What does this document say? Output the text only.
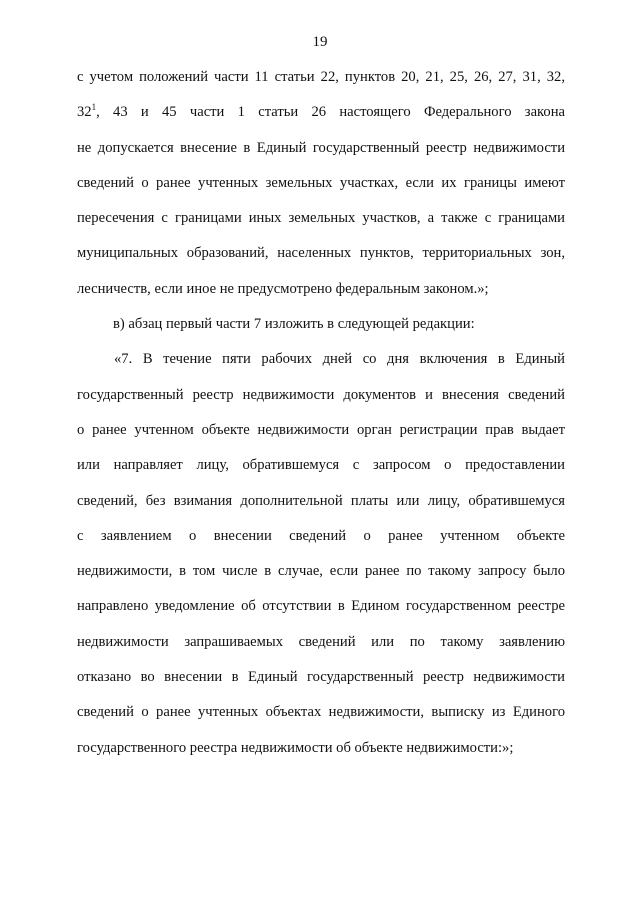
19
с учетом положений части 11 статьи 22, пунктов 20, 21, 25, 26, 27, 31, 32,
$32^1$, 43 и 45 части 1 статьи 26 настоящего Федерального закона
не допускается внесение в Единый государственный реестр недвижимости
сведений о ранее учтенных земельных участках, если их границы имеют
пересечения с границами иных земельных участков, а также с границами
муниципальных образований, населенных пунктов, территориальных зон,
лесничеств, если иное не предусмотрено федеральным законом.»;
в) абзац первый части 7 изложить в следующей редакции:
«7. В течение пяти рабочих дней со дня включения в Единый
государственный реестр недвижимости документов и внесения сведений
о ранее учтенном объекте недвижимости орган регистрации прав выдает
или направляет лицу, обратившемуся с запросом о предоставлении
сведений, без взимания дополнительной платы или лицу, обратившемуся
с заявлением о внесении сведений о ранее учтенном объекте
недвижимости, в том числе в случае, если ранее по такому запросу было
направлено уведомление об отсутствии в Едином государственном реестре
недвижимости запрашиваемых сведений или по такому заявлению
отказано во внесении в Единый государственный реестр недвижимости
сведений о ранее учтенных объектах недвижимости, выписку из Единого
государственного реестра недвижимости об объекте недвижимости:»;
